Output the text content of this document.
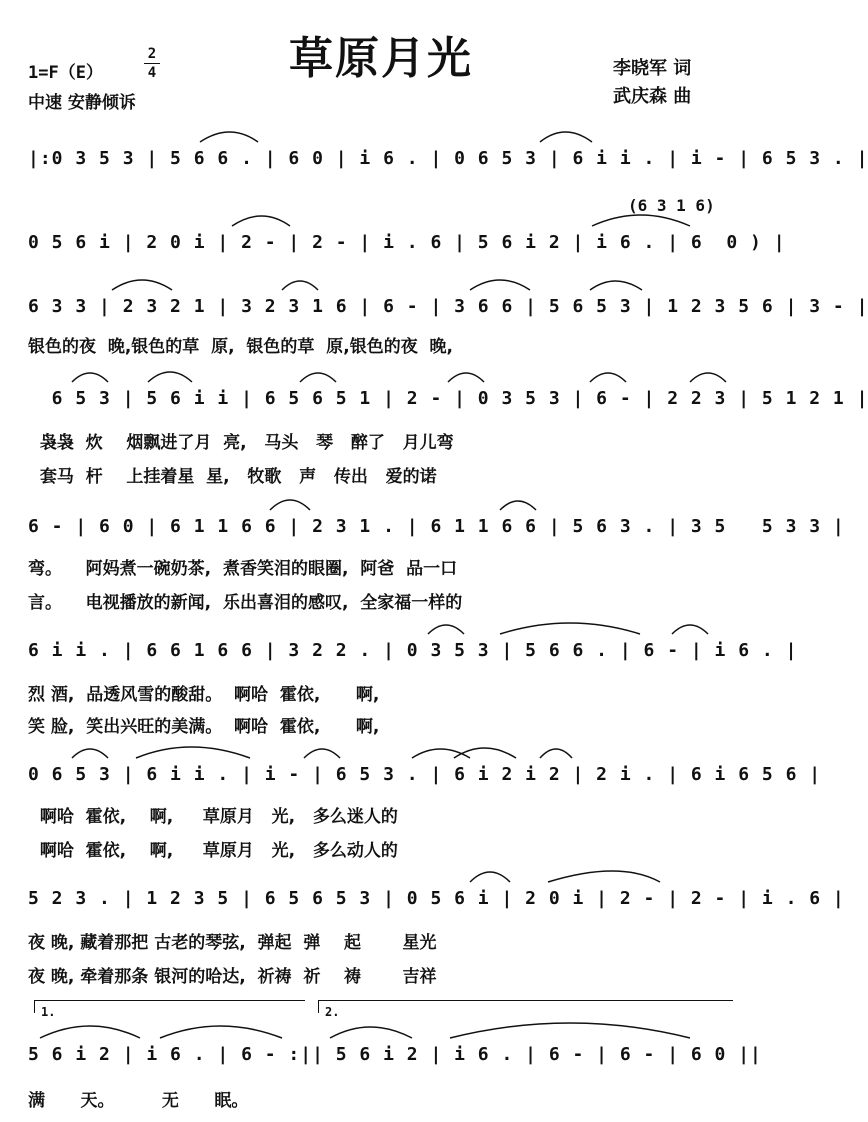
草原月光
1=F（E）
2
4
中速 安静倾诉
李晓军 词
武庆森 曲
|:0 3 5 3 | 5 6 6 . | 6 0 | i 6 . | 0 6 5 3 | 6 i i . | i - | 6 5 3 . |
(6 3 1 6)
0 5 6 i | 2 0 i | 2 - | 2 - | i . 6 | 5 6 i 2 | i 6 . | 6  0 ) |
6 3 3 | 2 3 2 1 | 3 2 3 1 6 | 6 - | 3 6 6 | 5 6 5 3 | 1 2 3 5 6 | 3 - |
银色的夜  晚,银色的草  原,  银色的草  原,银色的夜  晚,
6 5 3 | 5 6 i i | 6 5 6 5 1 | 2 - | 0 3 5 3 | 6 - | 2 2 3 | 5 1 2 1 |
袅袅  炊    烟飘进了月  亮,   马头   琴   醉了   月儿弯
套马  杆    上挂着星  星,   牧歌   声   传出   爱的诺
6 - | 6 0 | 6 1 1 6 6 | 2 3 1 . | 6 1 1 6 6 | 5 6 3 . | 3 5   5 3 3 |
弯。    阿妈煮一碗奶茶,  煮香笑泪的眼圈,  阿爸  品一口
言。    电视播放的新闻,  乐出喜泪的感叹,  全家福一样的
6 i i . | 6 6 1 6 6 | 3 2 2 . | 0 3 5 3 | 5 6 6 . | 6 - | i 6 . |
烈 酒,  品透风雪的酸甜。  啊哈  霍依,      啊,
笑 脸,  笑出兴旺的美满。  啊哈  霍依,      啊,
0 6 5 3 | 6 i i . | i - | 6 5 3 . | 6 i 2 i 2 | 2 i . | 6 i 6 5 6 |
啊哈  霍依,    啊,     草原月   光,   多么迷人的
啊哈  霍依,    啊,     草原月   光,   多么动人的
5 2 3 . | 1 2 3 5 | 6 5 6 5 3 | 0 5 6 i | 2 0 i | 2 - | 2 - | i . 6 |
夜 晚, 藏着那把 古老的琴弦,  弹起  弹    起       星光
夜 晚, 牵着那条 银河的哈达,  祈祷  祈    祷       吉祥
1.	2.
5 6 i 2 | i 6 . | 6 - :|| 5 6 i 2 | i 6 . | 6 - | 6 - | 6 0 ||
满      天。        无      眠。
